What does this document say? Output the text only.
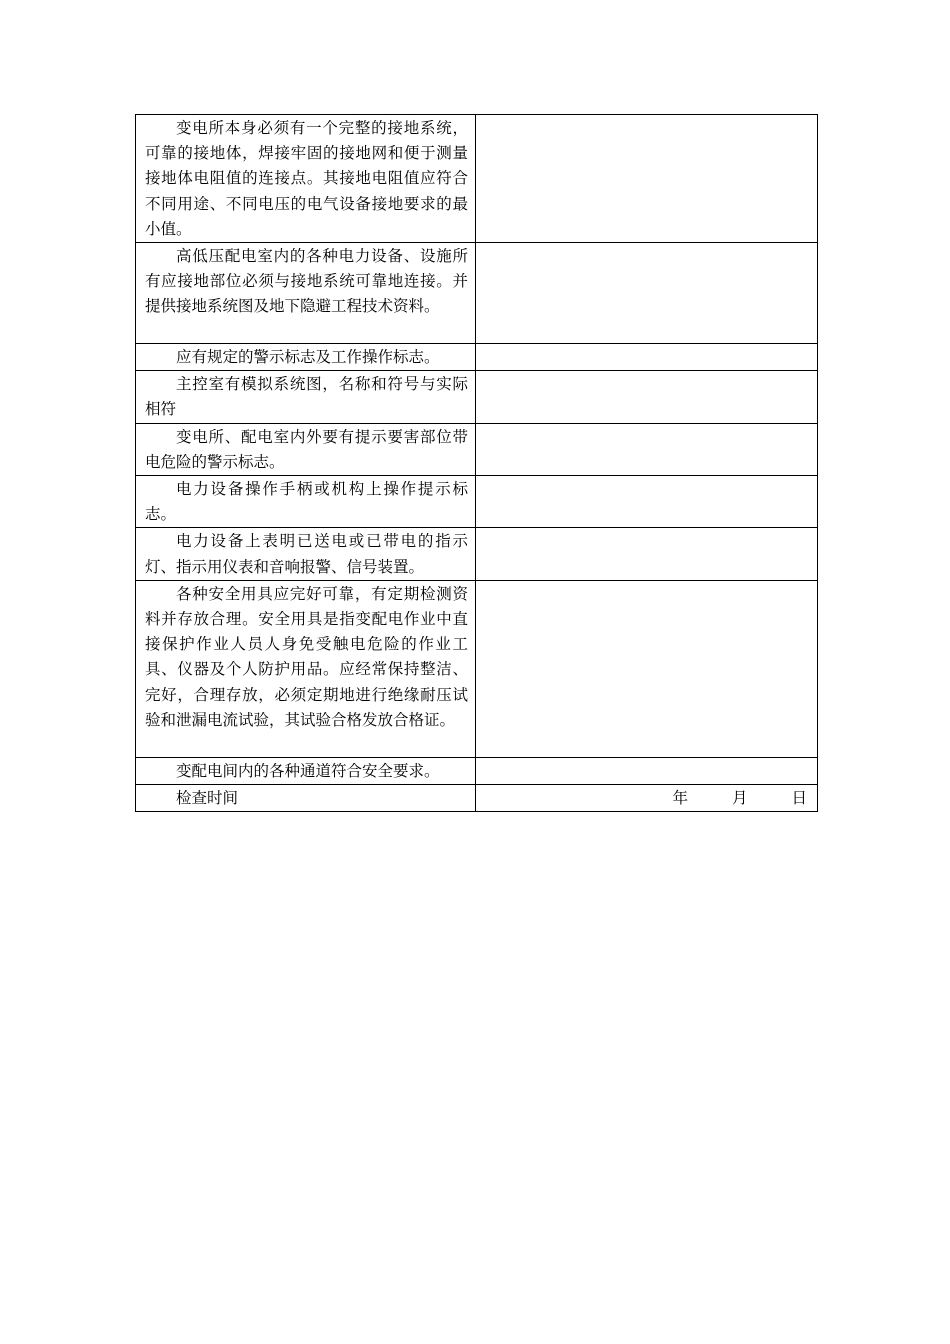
变电所本身必须有一个完整的接地系统，可靠的接地体，焊接牢固的接地网和便于测量接地体电阻值的连接点。其接地电阻值应符合不同用途、不同电压的电气设备接地要求的最小值。	

高低压配电室内的各种电力设备、设施所有应接地部位必须与接地系统可靠地连接。并提供接地系统图及地下隐避工程技术资料。	

应有规定的警示标志及工作操作标志。	

主控室有模拟系统图，名称和符号与实际相符	

变电所、配电室内外要有提示要害部位带电危险的警示标志。	

电力设备操作手柄或机构上操作提示标志。	

电力设备上表明已送电或已带电的指示灯、指示用仪表和音响报警、信号装置。	

各种安全用具应完好可靠，有定期检测资料并存放合理。安全用具是指变配电作业中直接保护作业人员人身免受触电危险的作业工具、仪器及个人防护用品。应经常保持整洁、完好，合理存放，必须定期地进行绝缘耐压试验和泄漏电流试验，其试验合格发放合格证。	

变配电间内的各种通道符合安全要求。	

检查时间	年 月 日
